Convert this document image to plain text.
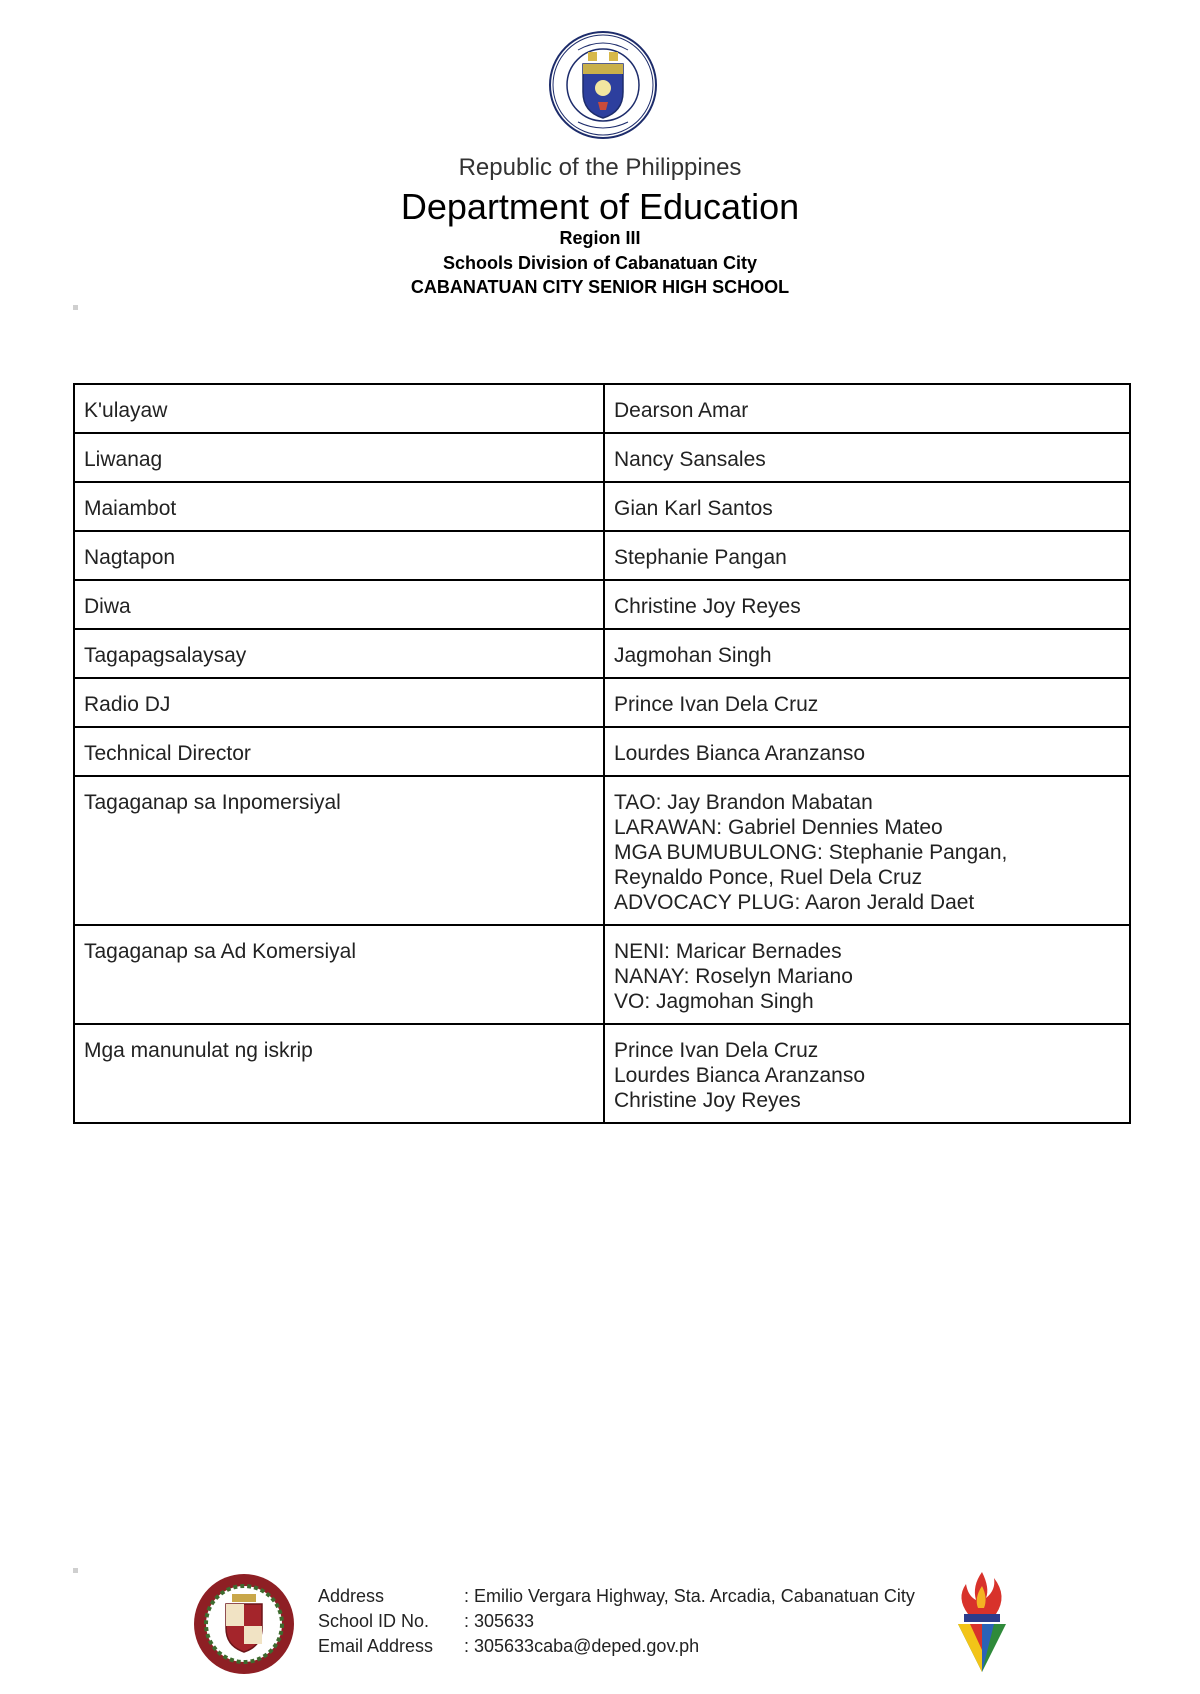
Republic of the Philippines
Department of Education
Region III
Schools Division of Cabanatuan City
CABANATUAN CITY SENIOR HIGH SCHOOL
K'ulayaw	Dearson Amar

Liwanag	Nancy Sansales

Maiambot	Gian Karl Santos

Nagtapon	Stephanie Pangan

Diwa	Christine Joy Reyes

Tagapagsalaysay	Jagmohan Singh

Radio DJ	Prince Ivan Dela Cruz

Technical Director	Lourdes Bianca Aranzanso

Tagaganap sa Inpomersiyal	TAO: Jay Brandon Mabatan
LARAWAN: Gabriel Dennies Mateo
MGA BUMUBULONG: Stephanie Pangan,
Reynaldo Ponce, Ruel Dela Cruz
ADVOCACY PLUG: Aaron Jerald Daet

Tagaganap sa Ad Komersiyal	NENI: Maricar Bernades
NANAY: Roselyn Mariano
VO: Jagmohan Singh

Mga manunulat ng iskrip	Prince Ivan Dela Cruz
Lourdes Bianca Aranzanso
Christine Joy Reyes
Address	: Emilio Vergara Highway, Sta. Arcadia, Cabanatuan City
School ID No.	: 305633
Email Address	: 305633caba@deped.gov.ph
